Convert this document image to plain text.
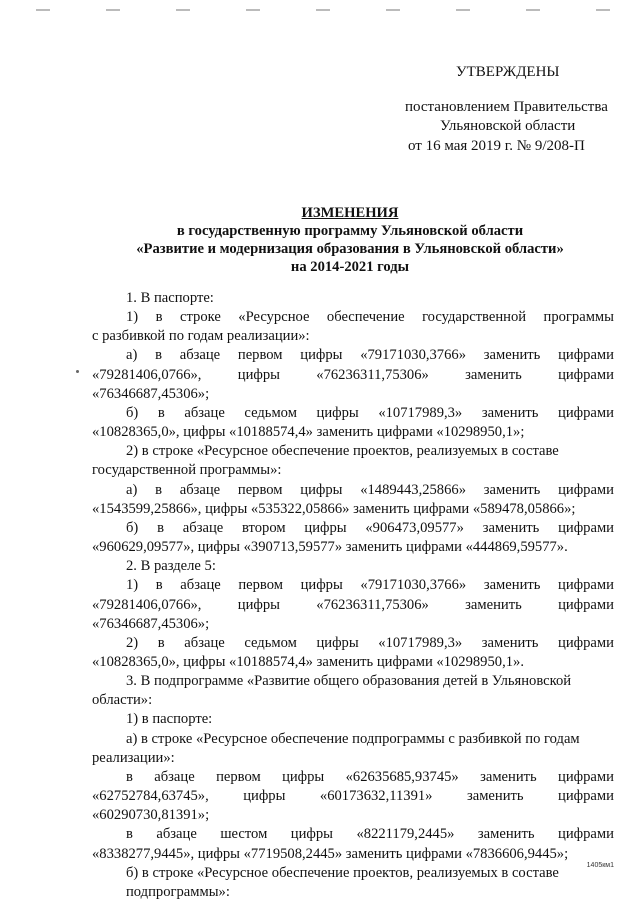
УТВЕРЖДЕНЫ
постановлением Правительства
Ульяновской области
от 16 мая 2019 г. № 9/208-П
ИЗМЕНЕНИЯ
в государственную программу Ульяновской области
«Развитие и модернизация образования в Ульяновской области»
на 2014-2021 годы
1. В паспорте:
1) в строке «Ресурсное обеспечение государственной программы
с разбивкой по годам реализации»:
а) в абзаце первом цифры «79171030,3766» заменить цифрами
«79281406,0766», цифры «76236311,75306» заменить цифрами
«76346687,45306»;
б) в абзаце седьмом цифры «10717989,3» заменить цифрами
«10828365,0», цифры «10188574,4» заменить цифрами «10298950,1»;
2) в строке «Ресурсное обеспечение проектов, реализуемых в составе
государственной программы»:
а) в абзаце первом цифры «1489443,25866» заменить цифрами
«1543599,25866», цифры «535322,05866» заменить цифрами «589478,05866»;
б) в абзаце втором цифры «906473,09577» заменить цифрами
«960629,09577», цифры «390713,59577» заменить цифрами «444869,59577».
2. В разделе 5:
1) в абзаце первом цифры «79171030,3766» заменить цифрами
«79281406,0766», цифры «76236311,75306» заменить цифрами
«76346687,45306»;
2) в абзаце седьмом цифры «10717989,3» заменить цифрами
«10828365,0», цифры «10188574,4» заменить цифрами «10298950,1».
3. В подпрограмме «Развитие общего образования детей в Ульяновской
области»:
1) в паспорте:
а) в строке «Ресурсное обеспечение подпрограммы с разбивкой по годам
реализации»:
в абзаце первом цифры «62635685,93745» заменить цифрами
«62752784,63745», цифры «60173632,11391» заменить цифрами
«60290730,81391»;
в абзаце шестом цифры «8221179,2445» заменить цифрами
«8338277,9445», цифры «7719508,2445» заменить цифрами «7836606,9445»;
б) в строке «Ресурсное обеспечение проектов, реализуемых в составе
подпрограммы»:
1405км1
